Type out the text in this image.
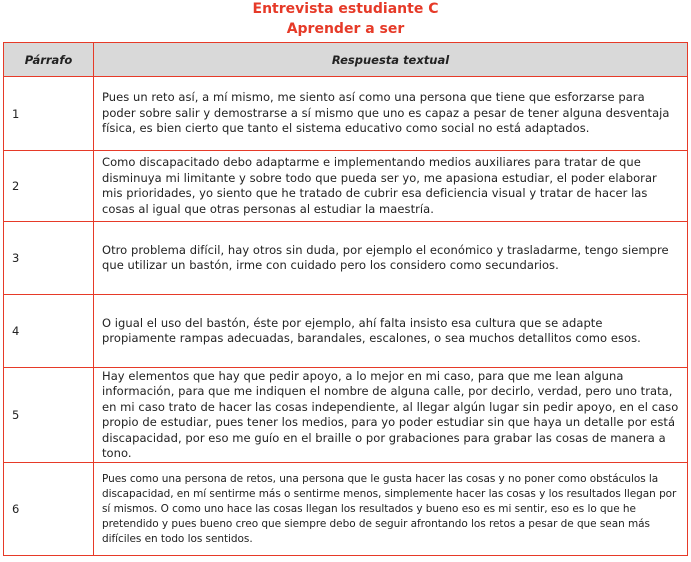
Entrevista estudiante C
Aprender a ser
Párrafo	Respuesta textual
1	Pues un reto así, a mí mismo, me siento así como una persona que tiene que esforzarse para poder sobre salir y demostrarse a sí mismo que uno es capaz a pesar de tener alguna desventaja física, es bien cierto que tanto el sistema educativo como social no está adaptados.
2	Como discapacitado debo adaptarme e implementando medios auxiliares para tratar de que disminuya mi limitante y sobre todo que pueda ser yo, me apasiona estudiar, el poder elaborar mis prioridades, yo siento que he tratado de cubrir esa deficiencia visual y tratar de hacer las cosas al igual que otras personas al estudiar la maestría.
3	Otro problema difícil, hay otros sin duda, por ejemplo el económico y trasladarme, tengo siempre que utilizar un bastón, irme con cuidado pero los considero como secundarios.
4	O igual el uso del bastón, éste por ejemplo, ahí falta insisto esa cultura que se adapte propiamente rampas adecuadas, barandales, escalones, o sea muchos detallitos como esos.
5	Hay elementos que hay que pedir apoyo, a lo mejor en mi caso, para que me lean alguna información, para que me indiquen el nombre de alguna calle, por decirlo, verdad, pero uno trata, en mi caso trato de hacer las cosas independiente, al llegar algún lugar sin pedir apoyo, en el caso propio de estudiar, pues tener los medios, para yo poder estudiar sin que haya un detalle por está discapacidad, por eso me guío en el braille o por grabaciones para grabar las cosas de manera a tono.
6	Pues como una persona de retos, una persona que le gusta hacer las cosas y no poner como obstáculos la discapacidad, en mí sentirme más o sentirme menos, simplemente hacer las cosas y los resultados llegan por sí mismos. O como uno hace las cosas llegan los resultados y bueno eso es mi sentir, eso es lo que he pretendido y pues bueno creo que siempre debo de seguir afrontando los retos a pesar de que sean más difíciles en todo los sentidos.
